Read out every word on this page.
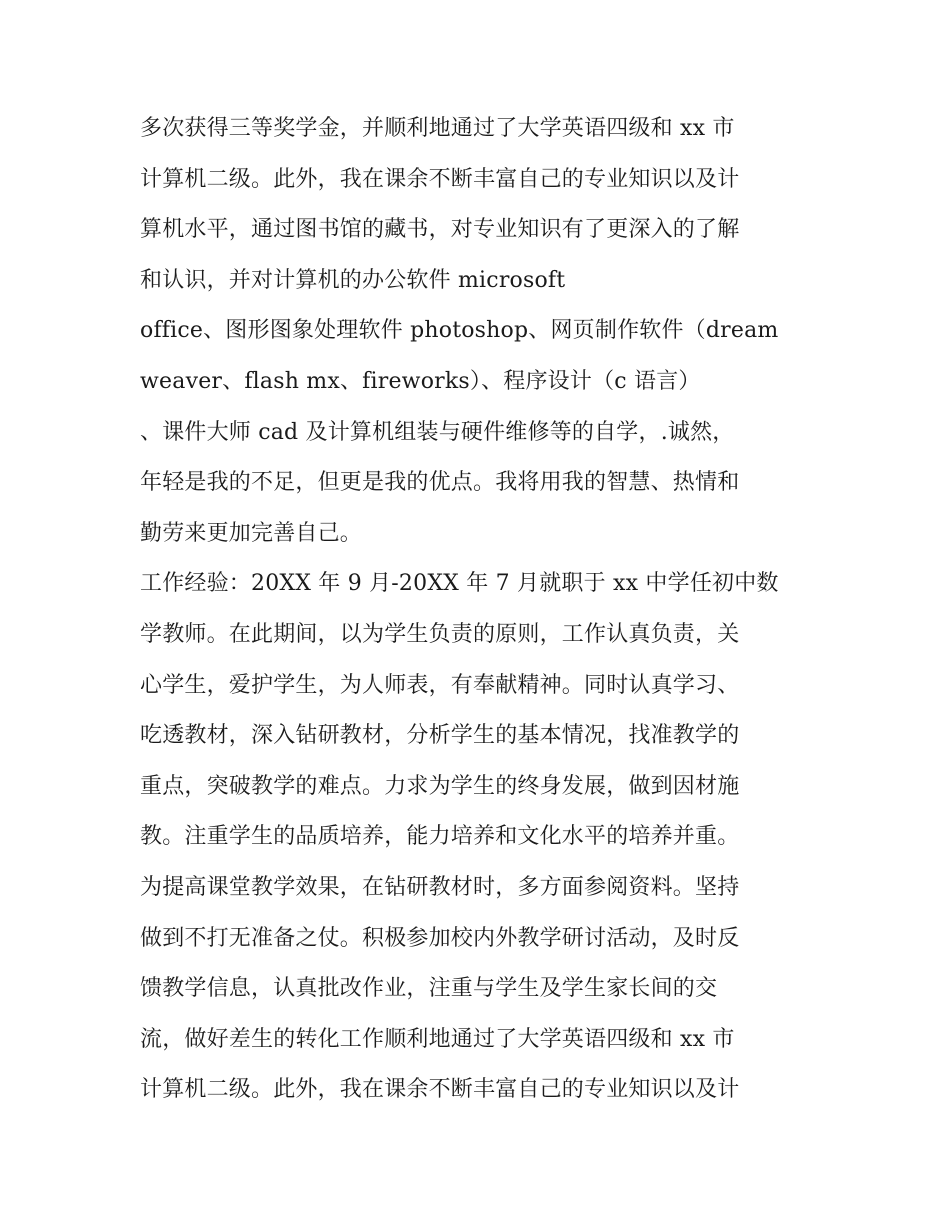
多次获得三等奖学金，并顺利地通过了大学英语四级和 xx 市
计算机二级。此外，我在课余不断丰富自己的专业知识以及计
算机水平，通过图书馆的藏书，对专业知识有了更深入的了解
和认识，并对计算机的办公软件 microsoft
office、图形图象处理软件 photoshop、网页制作软件（dream
weaver、flash mx、fireworks）、程序设计（c 语言）
、课件大师 cad 及计算机组装与硬件维修等的自学，.诚然，
年轻是我的不足，但更是我的优点。我将用我的智慧、热情和
勤劳来更加完善自己。
工作经验：20XX 年 9 月-20XX 年 7 月就职于 xx 中学任初中数
学教师。在此期间，以为学生负责的原则，工作认真负责，关
心学生，爱护学生，为人师表，有奉献精神。同时认真学习、
吃透教材，深入钻研教材，分析学生的基本情况，找准教学的
重点，突破教学的难点。力求为学生的终身发展，做到因材施
教。注重学生的品质培养，能力培养和文化水平的培养并重。
为提高课堂教学效果，在钻研教材时，多方面参阅资料。坚持
做到不打无准备之仗。积极参加校内外教学研讨活动，及时反
馈教学信息，认真批改作业，注重与学生及学生家长间的交
流，做好差生的转化工作顺利地通过了大学英语四级和 xx 市
计算机二级。此外，我在课余不断丰富自己的专业知识以及计
